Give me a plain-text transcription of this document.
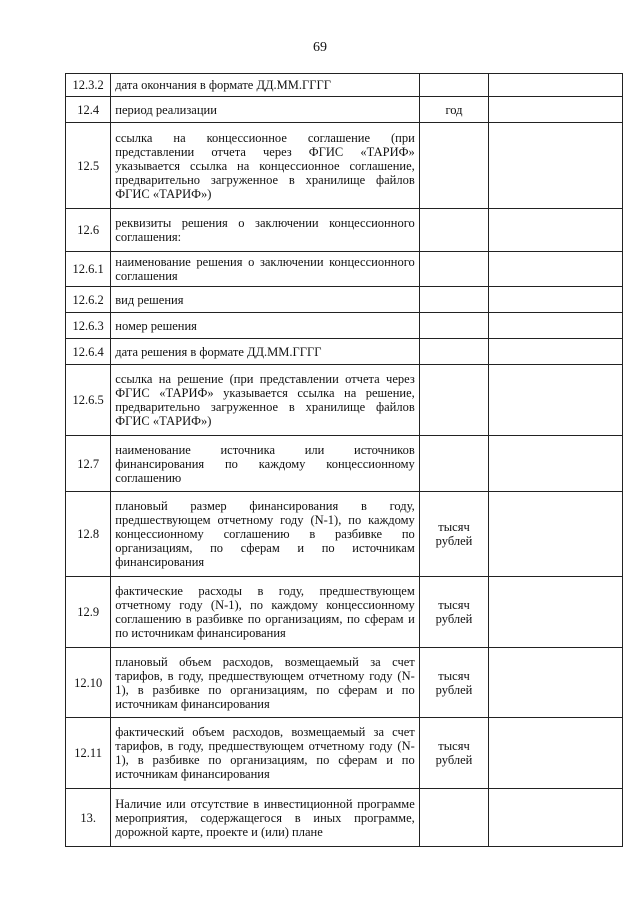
69
12.3.2	дата окончания в формате ДД.ММ.ГГГГ		
12.4	период реализации	год	
12.5	ссылка на концессионное соглашение (при представлении отчета через ФГИС «ТАРИФ» указывается ссылка на концессионное соглашение, предварительно загруженное в хранилище файлов ФГИС «ТАРИФ»)		
12.6	реквизиты решения о заключении концессионного соглашения:		
12.6.1	наименование решения о заключении концессионного соглашения		
12.6.2	вид решения		
12.6.3	номер решения		
12.6.4	дата решения в формате ДД.ММ.ГГГГ		
12.6.5	ссылка на решение (при представлении отчета через ФГИС «ТАРИФ» указывается ссылка на решение, предварительно загруженное в хранилище файлов ФГИС «ТАРИФ»)		
12.7	наименование источника или источников финансирования по каждому концессионному соглашению		
12.8	плановый размер финансирования в году, предшествующем отчетному году (N-1), по каждому концессионному соглашению в разбивке по организациям, по сферам и по источникам финансирования	тысяч рублей	
12.9	фактические расходы в году, предшествующем отчетному году (N-1), по каждому концессионному соглашению в разбивке по организациям, по сферам и по источникам финансирования	тысяч рублей	
12.10	плановый объем расходов, возмещаемый за счет тарифов, в году, предшествующем отчетному году (N-1), в разбивке по организациям, по сферам и по источникам финансирования	тысяч рублей	
12.11	фактический объем расходов, возмещаемый за счет тарифов, в году, предшествующем отчетному году (N-1), в разбивке по организациям, по сферам и по источникам финансирования	тысяч рублей	
13.	Наличие или отсутствие в инвестиционной программе мероприятия, содержащегося в иных программе, дорожной карте, проекте и (или) плане		
